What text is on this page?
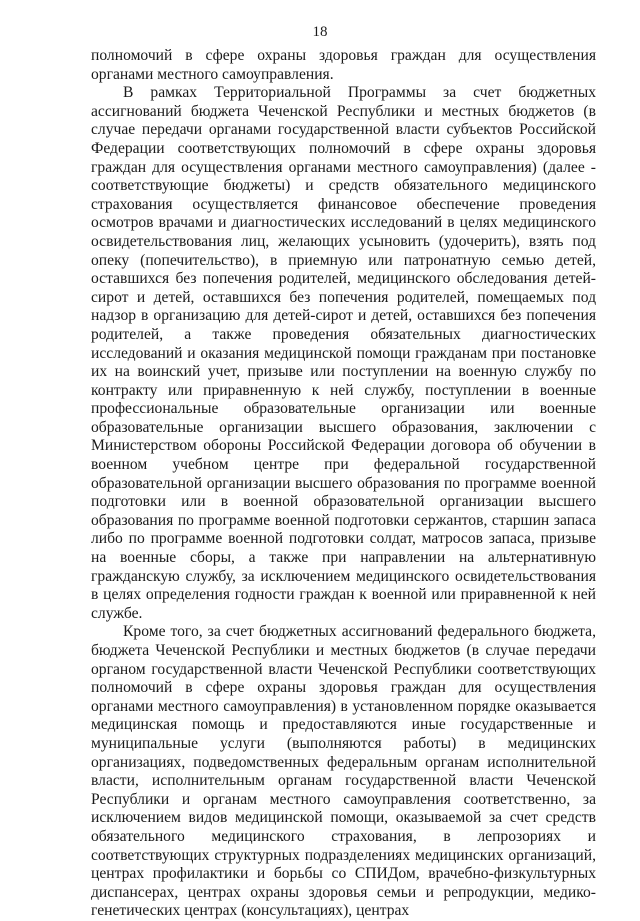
18

полномочий в сфере охраны здоровья граждан для осуществления органами местного самоуправления.

В рамках Территориальной Программы за счет бюджетных ассигнований бюджета Чеченской Республики и местных бюджетов (в случае передачи органами государственной власти субъектов Российской Федерации соответствующих полномочий в сфере охраны здоровья граждан для осуществления органами местного самоуправления) (далее - соответствующие бюджеты) и средств обязательного медицинского страхования осуществляется финансовое обеспечение проведения осмотров врачами и диагностических исследований в целях медицинского освидетельствования лиц, желающих усыновить (удочерить), взять под опеку (попечительство), в приемную или патронатную семью детей, оставшихся без попечения родителей, медицинского обследования детей-сирот и детей, оставшихся без попечения родителей, помещаемых под надзор в организацию для детей-сирот и детей, оставшихся без попечения родителей, а также проведения обязательных диагностических исследований и оказания медицинской помощи гражданам при постановке их на воинский учет, призыве или поступлении на военную службу по контракту или приравненную к ней службу, поступлении в военные профессиональные образовательные организации или военные образовательные организации высшего образования, заключении с Министерством обороны Российской Федерации договора об обучении в военном учебном центре при федеральной государственной образовательной организации высшего образования по программе военной подготовки или в военной образовательной организации высшего образования по программе военной подготовки сержантов, старшин запаса либо по программе военной подготовки солдат, матросов запаса, призыве на военные сборы, а также при направлении на альтернативную гражданскую службу, за исключением медицинского освидетельствования в целях определения годности граждан к военной или приравненной к ней службе.

Кроме того, за счет бюджетных ассигнований федерального бюджета, бюджета Чеченской Республики и местных бюджетов (в случае передачи органом государственной власти Чеченской Республики соответствующих полномочий в сфере охраны здоровья граждан для осуществления органами местного самоуправления) в установленном порядке оказывается медицинская помощь и предоставляются иные государственные и муниципальные услуги (выполняются работы) в медицинских организациях, подведомственных федеральным органам исполнительной власти, исполнительным органам государственной власти Чеченской Республики и органам местного самоуправления соответственно, за исключением видов медицинской помощи, оказываемой за счет средств обязательного медицинского страхования, в лепрозориях и соответствующих структурных подразделениях медицинских организаций, центрах профилактики и борьбы со СПИДом, врачебно-физкультурных диспансерах, центрах охраны здоровья семьи и репродукции, медико-генетических центрах (консультациях), центрах
